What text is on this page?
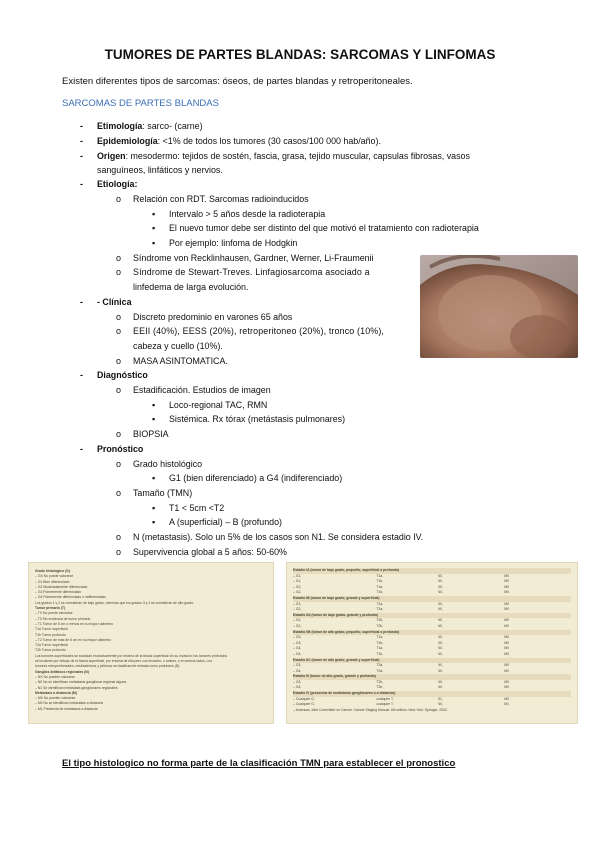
TUMORES DE PARTES BLANDAS: SARCOMAS Y LINFOMAS
Existen diferentes tipos de sarcomas: óseos, de partes blandas y retroperitoneales.
SARCOMAS DE PARTES BLANDAS
- Etimología: sarco- (carne)
- Epidemiología: <1% de todos los tumores (30 casos/100 000 hab/año).
- Origen: mesodermo: tejidos de sostén, fascia, grasa, tejido muscular, capsulas fibrosas, vasos
sanguíneos, linfáticos y nervios.
- Etiología:
o Relación con RDT. Sarcomas radioinducidos
▪ Intervalo > 5 años desde la radioterapia
▪ El nuevo tumor debe ser distinto del que motivó el tratamiento con radioterapia
▪ Por ejemplo: linfoma de Hodgkin
o Síndrome von Recklinhausen, Gardner, Werner, Li-Fraumenii
o Síndrome de Stewart-Treves. Linfagiosarcoma asociado a
linfedema de larga evolución.
- - Clínica
o Discreto predominio en varones 65 años
o EEII (40%), EESS (20%), retroperitoneo (20%), tronco (10%),
cabeza y cuello (10%).
o MASA ASINTOMATICA.
- Diagnóstico
o Estadificación. Estudios de imagen
▪ Loco-regional TAC, RMN
▪ Sistémica. Rx tórax (metástasis pulmonares)
o BIOPSIA
- Pronóstico
o Grado histológico
▪ G1 (bien diferenciado) a G4 (indiferenciado)
o Tamaño (TMN)
▪ T1 < 5cm <T2
▪ A (superficial) – B (profundo)
o N (metastasis). Solo un 5% de los casos son N1. Se considera estadio IV.
o Supervivencia global a 5 años: 50-60%
Grado histológico (G)
– GX No puede valorarse
– G1 Bien diferenciado
– G2 Moderadamente diferenciado
– G3 Pobremente diferenciado
– G4 Pobremente diferenciado o indiferenciado
Los grados 1 y 2 se consideran de bajo grado, mientras que los grados 3 y 4 se consideran de alto grado.
Tumor primario (T)
– TX No puede valorarse
– T0 Sin evidencia de tumor primario
– T1 Tumor de 5 cm o menos en su mayor diámetro
T1a Tumor superficial
T1b Tumor profundo
– T2 Tumor de más de 5 cm en su mayor diámetro
T2a Tumor superficial
T2b Tumor profundo
Los tumores superficiales se localizan exclusivamente por encima de la fascia superficial sin su invasión; los tumores profundos
se localizan por debajo de la fascia superficial, por encima de ella pero con invasión, o ambos, o en ambos lados. Los
tumores retroperitoneales, mediastínicos y pélvicos se clasifican de entrada como profundos (B).
Ganglios linfáticos regionales (N)
– NX No pueden valorarse
– N0 No se identifican metástasis ganglionar regional alguna
– N1 Se identifican metástasis ganglionares regionales
Metástasis a distancia (M)
– MX No pueden valorarse
– M0 No se identifican metástasis a distancia
– M1 Presencia de metástasis a distancia
Estadio IA (tumor de bajo grado, pequeño, superficial o profundo)
– G1,	T1a,	N0,	M0
– G1,	T1b,	N0,	M0
– G2,	T1a,	N0,	M0
– G2,	T1b,	N0,	M0
Estadio IB (tumor de bajo grado, grande y superficial)
– G1,	T2a,	N0,	M0
– G2,	T2a,	N0,	M0
Estadio IIA (tumor de bajo grado, grande y profundo)
– G1,	T2b,	N0,	M0
– G2,	T2b,	N0,	M0
Estadio IIB (tumor de alto grado, pequeño, superficial o profundo)
– G3,	T1a,	N0,	M0
– G3,	T1b,	N0,	M0
– G4,	T1a,	N0,	M0
– G4,	T1b,	N0,	M0
Estadio IIC (tumor de alto grado, grande y superficial)
– G3,	T2a,	N0,	M0
– G4,	T2a,	N0,	M0
Estadio III (tumor de alto grado, grande y profundo)
– G3,	T2b,	N0,	M0
– G4,	T2b,	N0,	M0
Estadio IV (presencia de metástasis ganglionares o a distancia)
– Cualquier G,	cualquier T,	N1,	M0
– Cualquier G,	cualquier T,	N0,	M1
– American Joint Committee on Cancer. Cancer Staging Manual. 6th edition. New York: Springer, 2002.
El tipo histologico no forma parte de la clasificación TMN para establecer el pronostico
